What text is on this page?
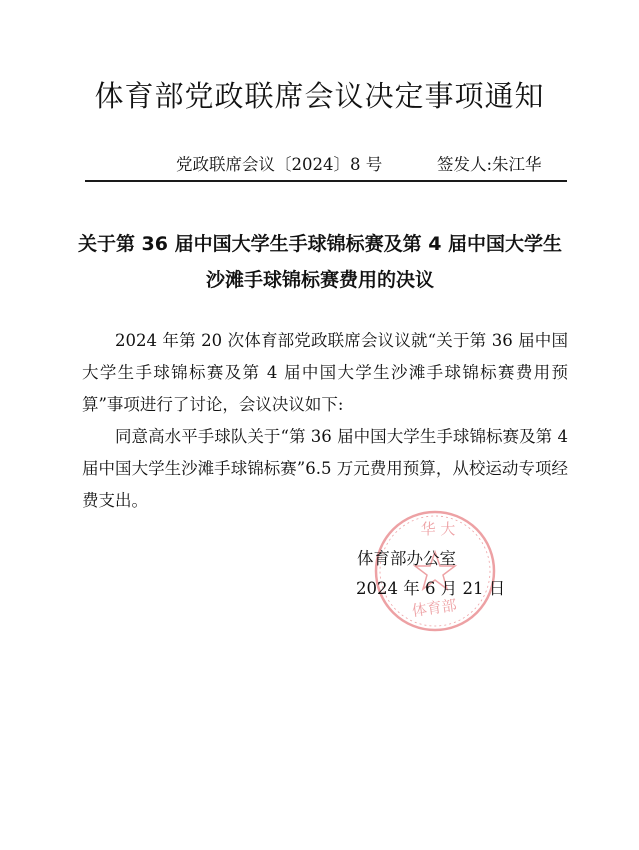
体育部党政联席会议决定事项通知
党政联席会议〔2024〕8 号	签发人:朱江华
关于第 36 届中国大学生手球锦标赛及第 4 届中国大学生
沙滩手球锦标赛费用的决议

2024 年第 20 次体育部党政联席会议议就“关于第 36 届中国大学生手球锦标赛及第 4 届中国大学生沙滩手球锦标赛费用预算”事项进行了讨论，会议决议如下:

同意高水平手球队关于“第 36 届中国大学生手球锦标赛及第 4 届中国大学生沙滩手球锦标赛”6.5 万元费用预算，从校运动专项经费支出。

华 大
体育部
体育部办公室
2024 年 6 月 21 日
